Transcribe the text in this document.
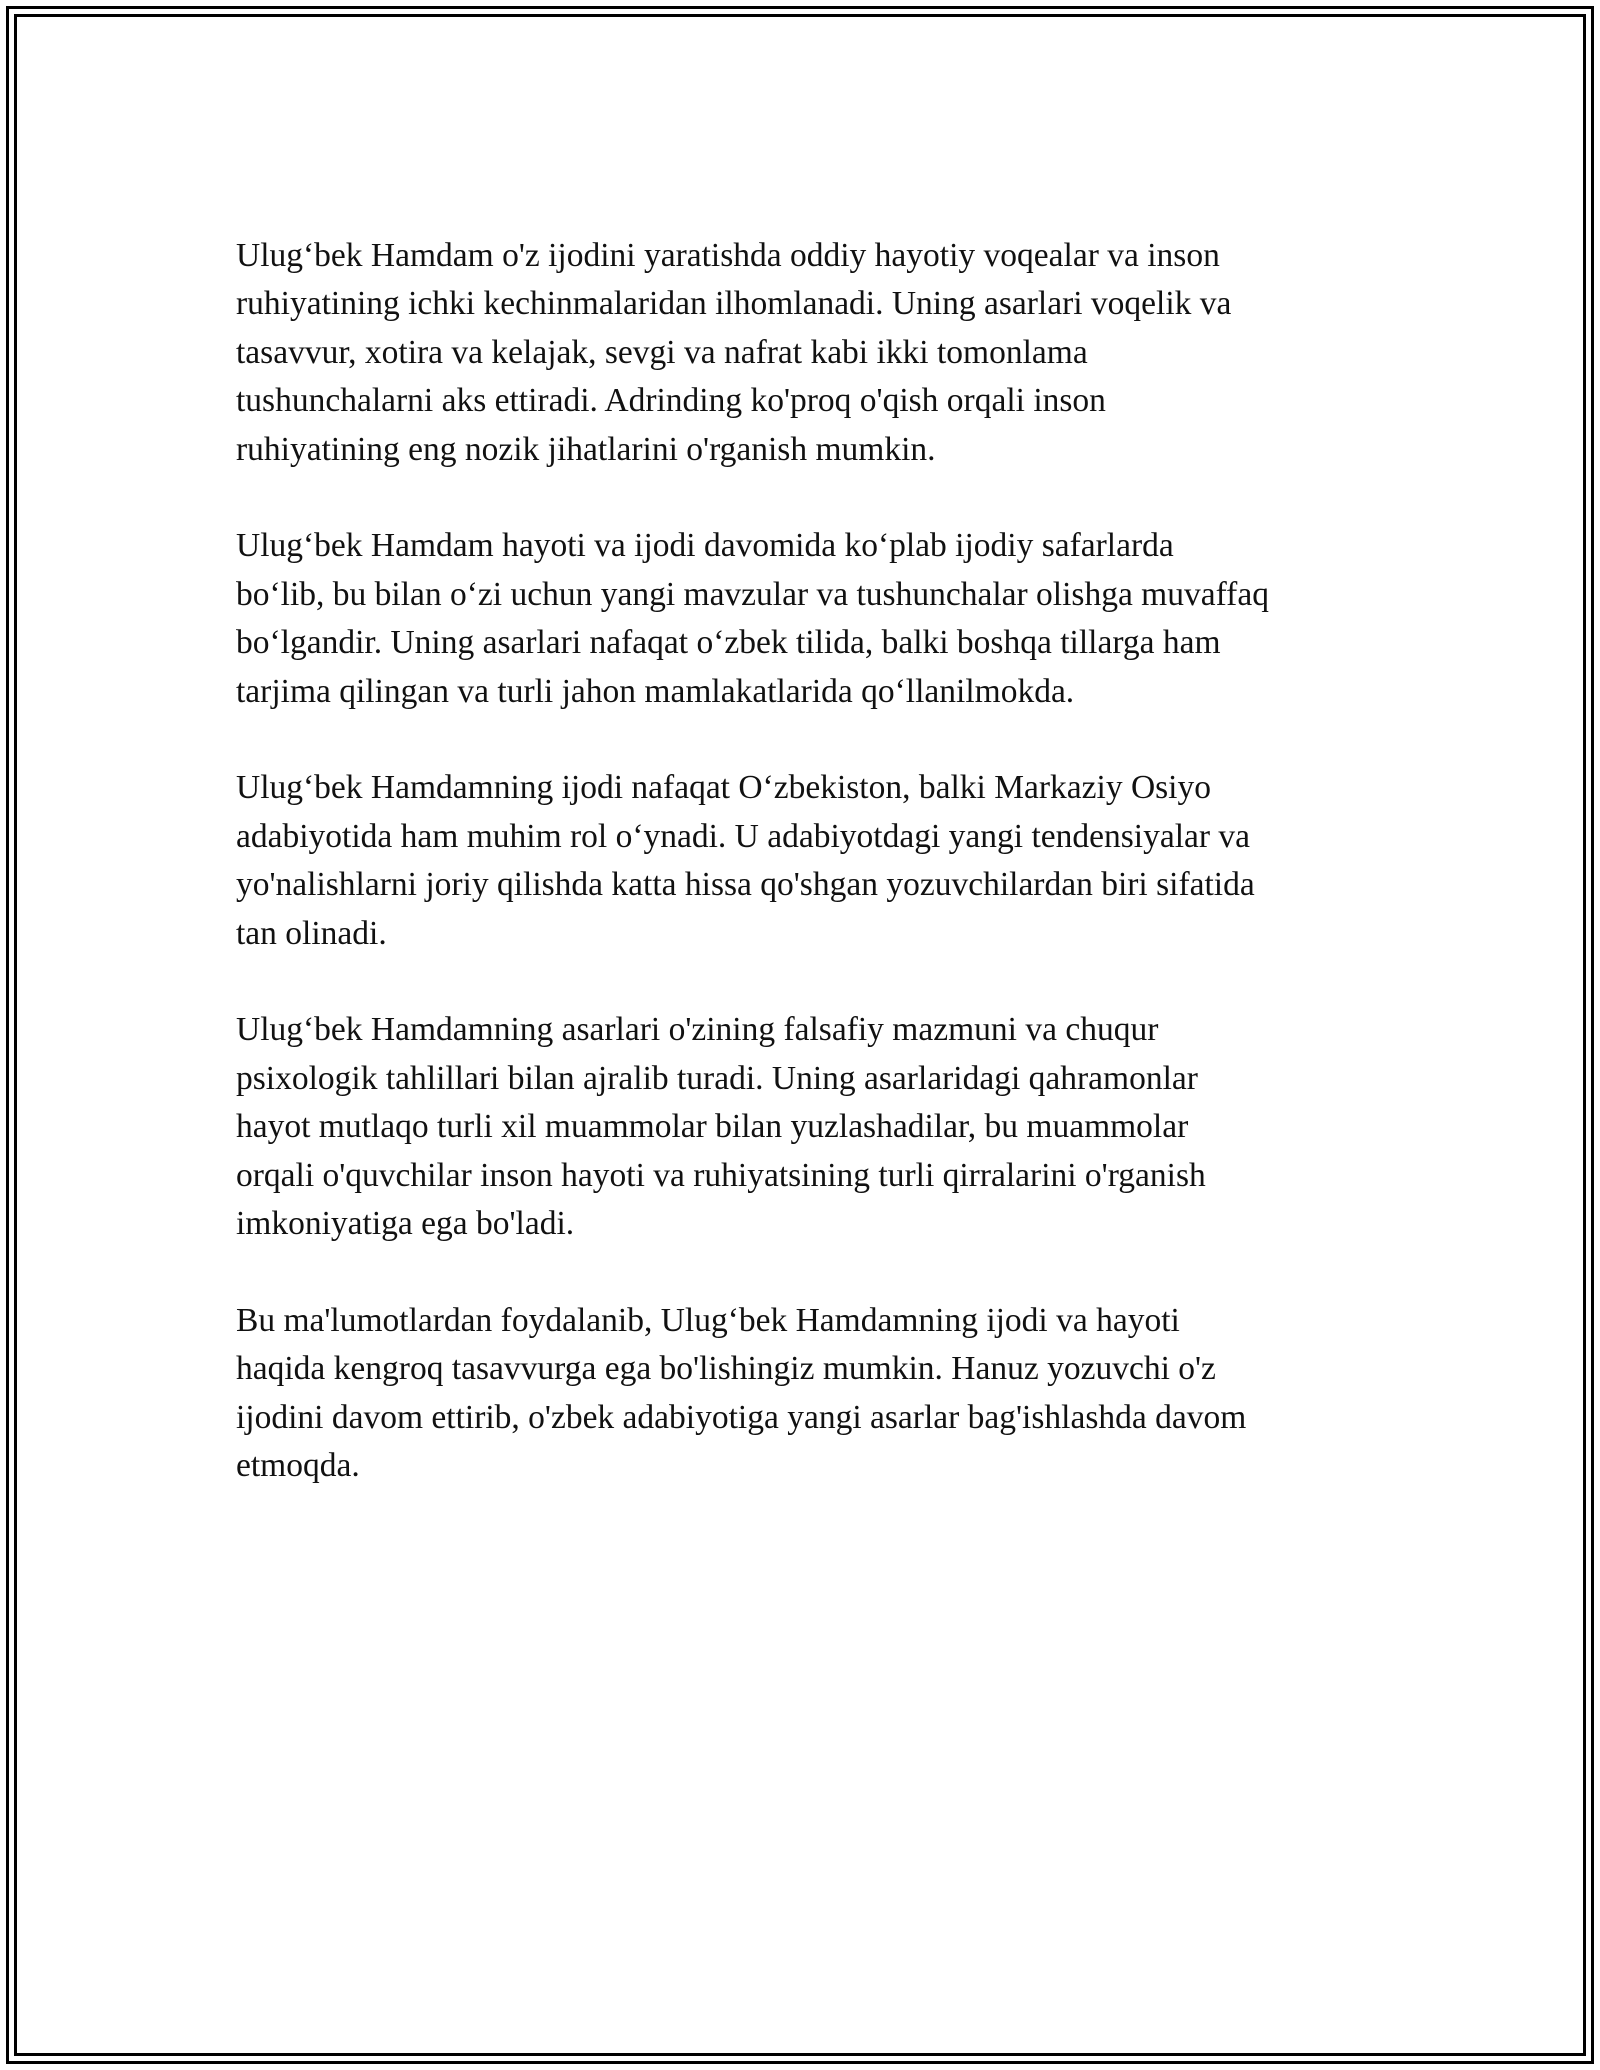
Ulug‘bek Hamdam o'z ijodini yaratishda oddiy hayotiy voqealar va inson
ruhiyatining ichki kechinmalaridan ilhomlanadi. Uning asarlari voqelik va
tasavvur, xotira va kelajak, sevgi va nafrat kabi ikki tomonlama
tushunchalarni aks ettiradi. Adrinding ko'proq o'qish orqali inson
ruhiyatining eng nozik jihatlarini o'rganish mumkin.

Ulug‘bek Hamdam hayoti va ijodi davomida ko‘plab ijodiy safarlarda
bo‘lib, bu bilan o‘zi uchun yangi mavzular va tushunchalar olishga muvaffaq
bo‘lgandir. Uning asarlari nafaqat o‘zbek tilida, balki boshqa tillarga ham
tarjima qilingan va turli jahon mamlakatlarida qo‘llanilmokda.

Ulug‘bek Hamdamning ijodi nafaqat O‘zbekiston, balki Markaziy Osiyo
adabiyotida ham muhim rol o‘ynadi. U adabiyotdagi yangi tendensiyalar va
yo'nalishlarni joriy qilishda katta hissa qo'shgan yozuvchilardan biri sifatida
tan olinadi.

Ulug‘bek Hamdamning asarlari o'zining falsafiy mazmuni va chuqur
psixologik tahlillari bilan ajralib turadi. Uning asarlaridagi qahramonlar
hayot mutlaqo turli xil muammolar bilan yuzlashadilar, bu muammolar
orqali o'quvchilar inson hayoti va ruhiyatsining turli qirralarini o'rganish
imkoniyatiga ega bo'ladi.

Bu ma'lumotlardan foydalanib, Ulug‘bek Hamdamning ijodi va hayoti
haqida kengroq tasavvurga ega bo'lishingiz mumkin. Hanuz yozuvchi o'z
ijodini davom ettirib, o'zbek adabiyotiga yangi asarlar bag'ishlashda davom
etmoqda.
